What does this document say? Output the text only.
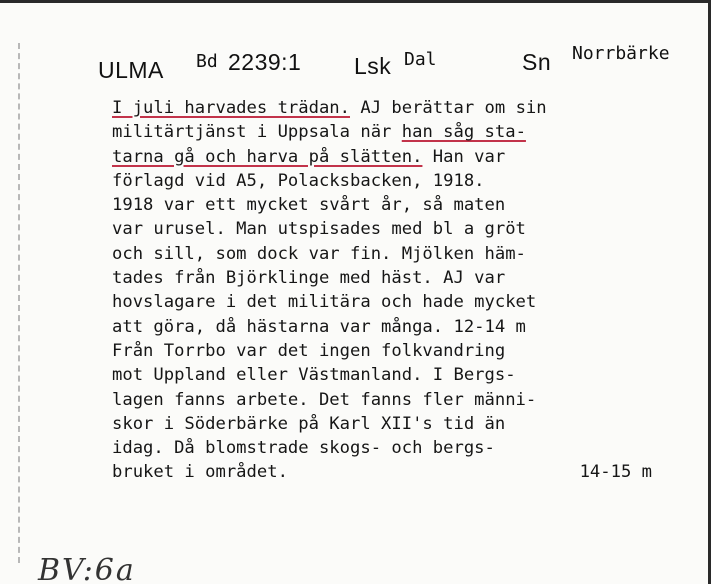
ULMA Bd 2239:1 Lsk Dal	Sn Norrbärke
I juli harvades trädan. AJ berättar om sin
militärtjänst i Uppsala när han såg sta-
tarna gå och harva på slätten. Han var
förlagd vid A5, Polacksbacken, 1918.
1918 var ett mycket svårt år, så maten
var urusel. Man utspisades med bl a gröt
och sill, som dock var fin. Mjölken häm-
tades från Björklinge med häst. AJ var
hovslagare i det militära och hade mycket
att göra, då hästarna var många. 12-14 m
Från Torrbo var det ingen folkvandring
mot Uppland eller Västmanland. I Bergs-
lagen fanns arbete. Det fanns fler männi-
skor i Söderbärke på Karl XII's tid än
idag. Då blomstrade skogs- och bergs-
bruket i området.	14-15 m
BV:6a
